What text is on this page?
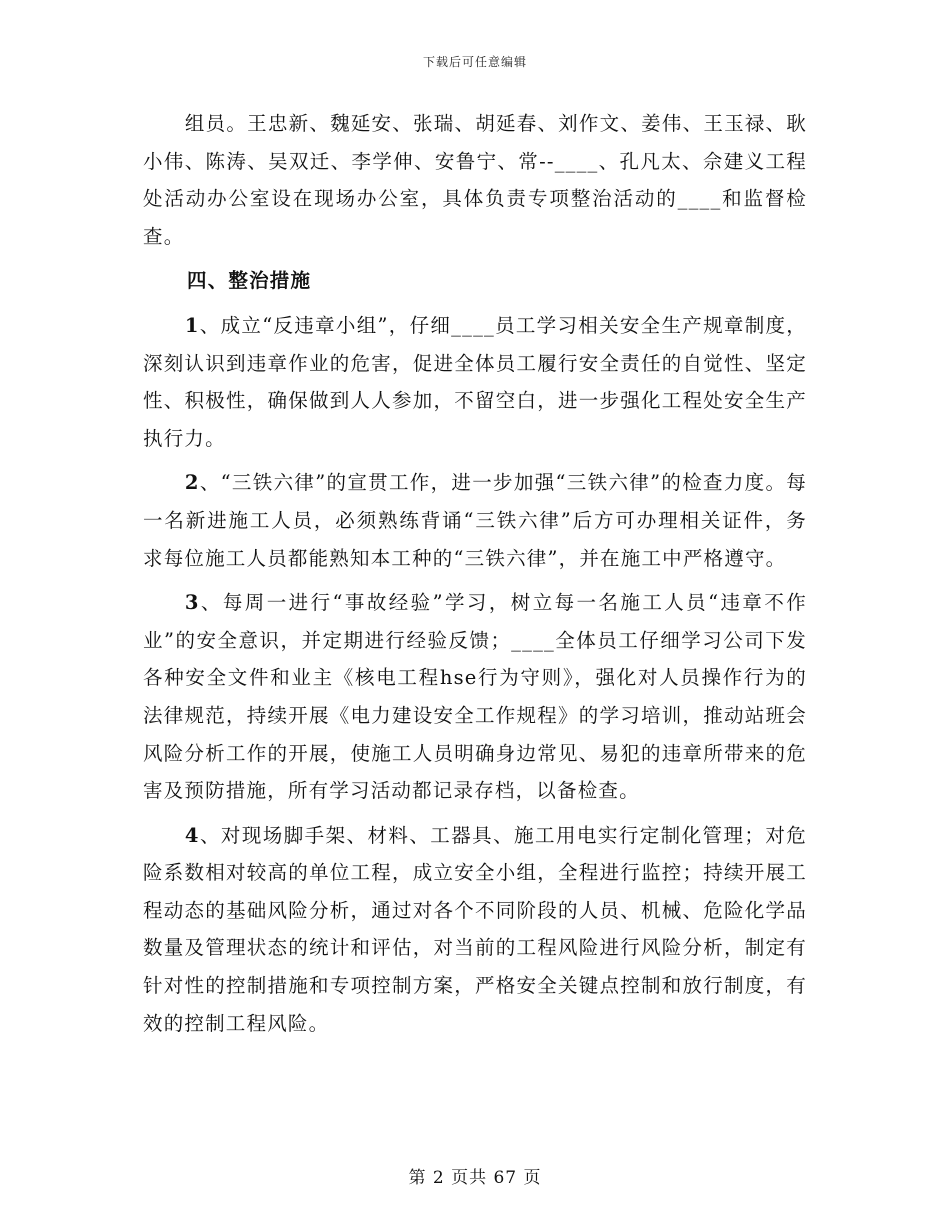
下载后可任意编辑

组员。王忠新、魏延安、张瑞、胡延春、刘作文、姜伟、王玉禄、耿小伟、陈涛、吴双迁、李学伸、安鲁宁、常--____、孔凡太、佘建义工程处活动办公室设在现场办公室，具体负责专项整治活动的____和监督检查。

四、整治措施

1、成立“反违章小组”，仔细____员工学习相关安全生产规章制度，深刻认识到违章作业的危害，促进全体员工履行安全责任的自觉性、坚定性、积极性，确保做到人人参加，不留空白，进一步强化工程处安全生产执行力。

2、“三铁六律”的宣贯工作，进一步加强“三铁六律”的检查力度。每一名新进施工人员，必须熟练背诵“三铁六律”后方可办理相关证件，务求每位施工人员都能熟知本工种的“三铁六律”，并在施工中严格遵守。

3、每周一进行“事故经验”学习，树立每一名施工人员“违章不作业”的安全意识，并定期进行经验反馈；____全体员工仔细学习公司下发各种安全文件和业主《核电工程hse行为守则》，强化对人员操作行为的法律规范，持续开展《电力建设安全工作规程》的学习培训，推动站班会风险分析工作的开展，使施工人员明确身边常见、易犯的违章所带来的危害及预防措施，所有学习活动都记录存档，以备检查。

4、对现场脚手架、材料、工器具、施工用电实行定制化管理；对危险系数相对较高的单位工程，成立安全小组，全程进行监控；持续开展工程动态的基础风险分析，通过对各个不同阶段的人员、机械、危险化学品数量及管理状态的统计和评估，对当前的工程风险进行风险分析，制定有针对性的控制措施和专项控制方案，严格安全关键点控制和放行制度，有效的控制工程风险。

第 2 页共 67 页
